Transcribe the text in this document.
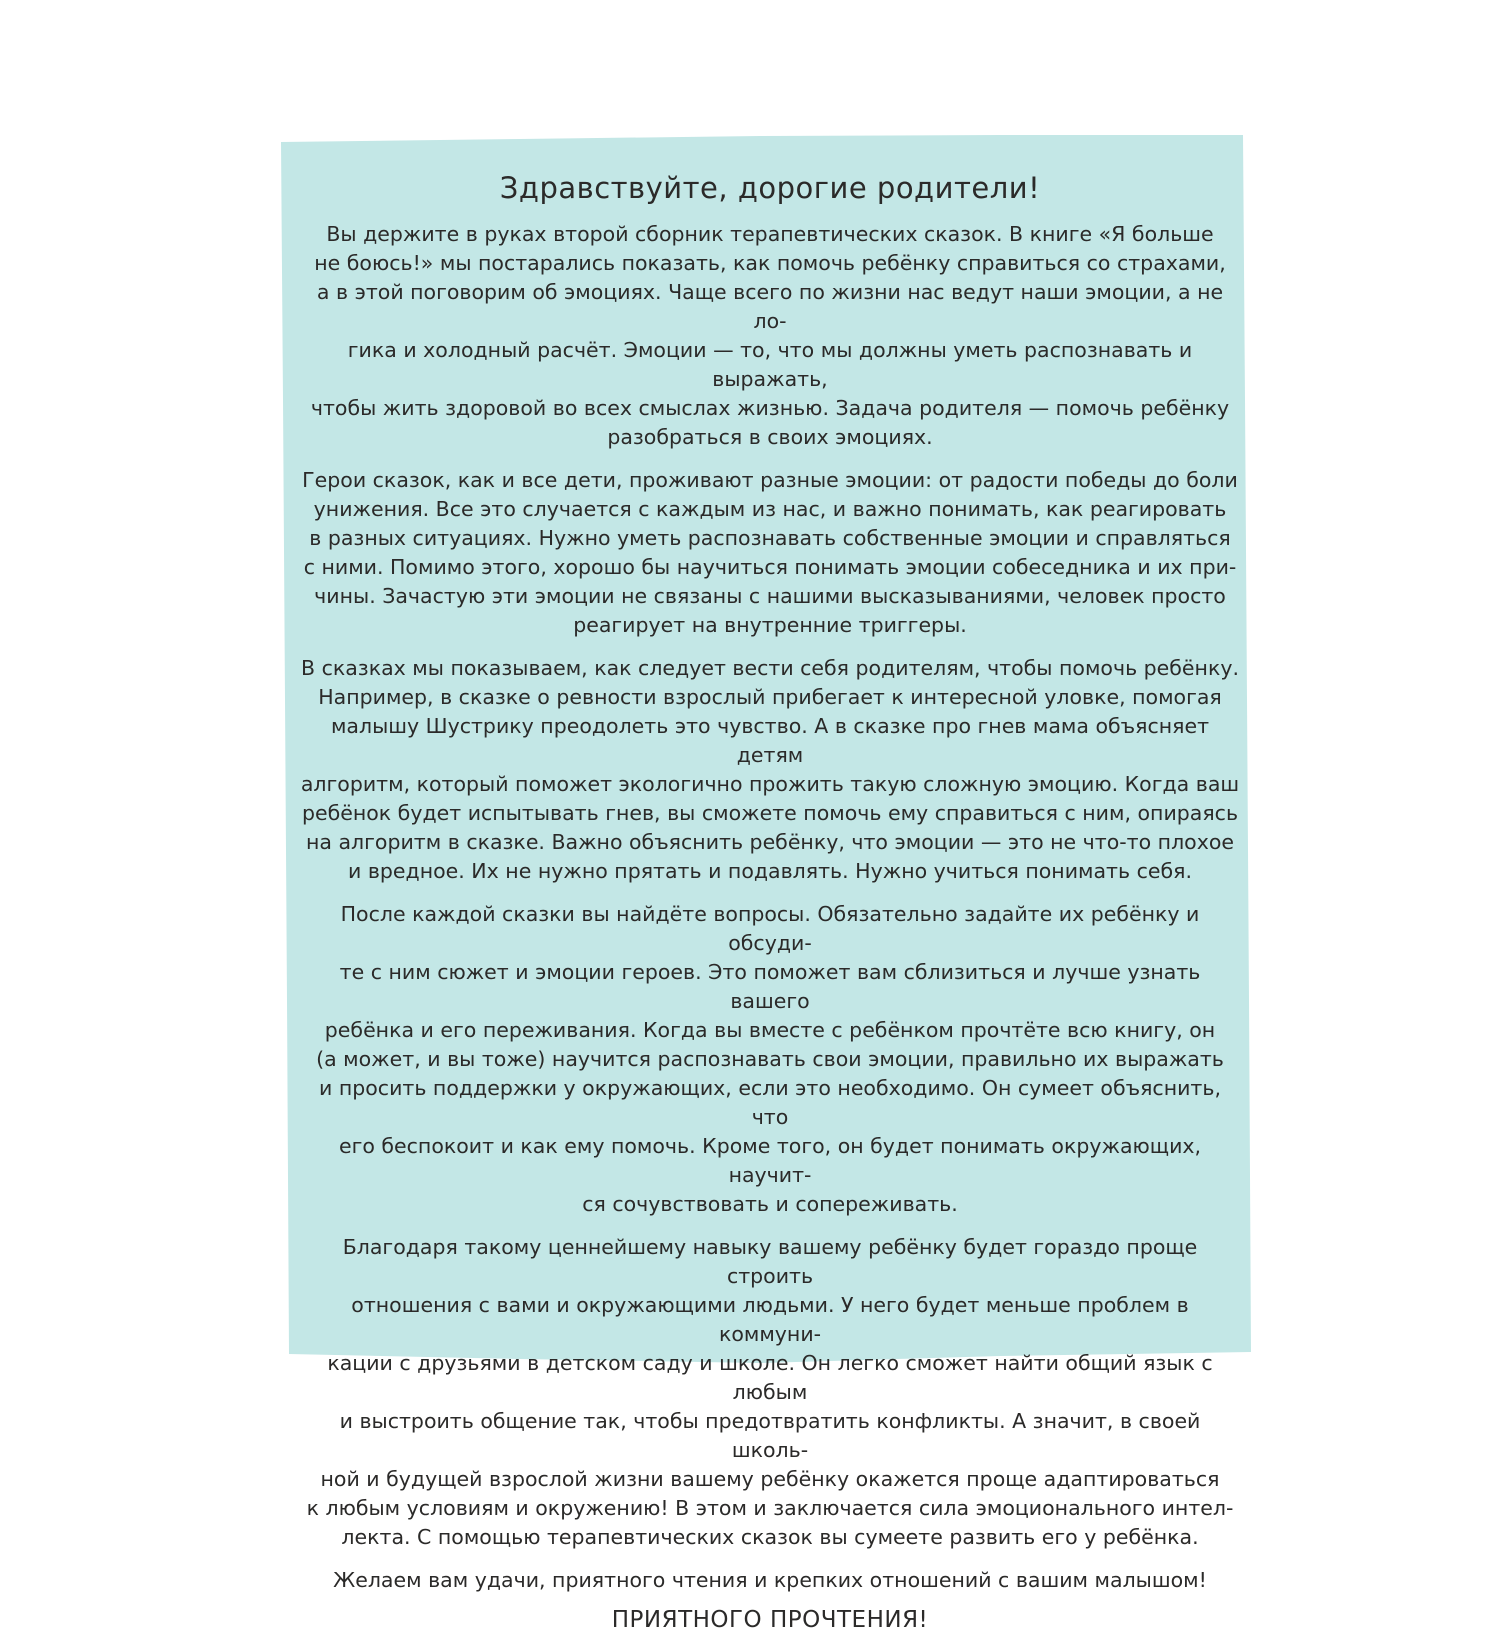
Здравствуйте, дорогие родители!
Вы держите в руках второй сборник терапевтических сказок. В книге «Я больше
не боюсь!» мы постарались показать, как помочь ребёнку справиться со страхами,
а в этой поговорим об эмоциях. Чаще всего по жизни нас ведут наши эмоции, а не ло-
гика и холодный расчёт. Эмоции — то, что мы должны уметь распознавать и выражать,
чтобы жить здоровой во всех смыслах жизнью. Задача родителя — помочь ребёнку
разобраться в своих эмоциях.
Герои сказок, как и все дети, проживают разные эмоции: от радости победы до боли
унижения. Все это случается с каждым из нас, и важно понимать, как реагировать
в разных ситуациях. Нужно уметь распознавать собственные эмоции и справляться
с ними. Помимо этого, хорошо бы научиться понимать эмоции собеседника и их при-
чины. Зачастую эти эмоции не связаны с нашими высказываниями, человек просто
реагирует на внутренние триггеры.
В сказках мы показываем, как следует вести себя родителям, чтобы помочь ребёнку.
Например, в сказке о ревности взрослый прибегает к интересной уловке, помогая
малышу Шустрику преодолеть это чувство. А в сказке про гнев мама объясняет детям
алгоритм, который поможет экологично прожить такую сложную эмоцию. Когда ваш
ребёнок будет испытывать гнев, вы сможете помочь ему справиться с ним, опираясь
на алгоритм в сказке. Важно объяснить ребёнку, что эмоции — это не что-то плохое
и вредное. Их не нужно прятать и подавлять. Нужно учиться понимать себя.
После каждой сказки вы найдёте вопросы. Обязательно задайте их ребёнку и обсуди-
те с ним сюжет и эмоции героев. Это поможет вам сблизиться и лучше узнать вашего
ребёнка и его переживания. Когда вы вместе с ребёнком прочтёте всю книгу, он
(а может, и вы тоже) научится распознавать свои эмоции, правильно их выражать
и просить поддержки у окружающих, если это необходимо. Он сумеет объяснить, что
его беспокоит и как ему помочь. Кроме того, он будет понимать окружающих, научит-
ся сочувствовать и сопереживать.
Благодаря такому ценнейшему навыку вашему ребёнку будет гораздо проще строить
отношения с вами и окружающими людьми. У него будет меньше проблем в коммуни-
кации с друзьями в детском саду и школе. Он легко сможет найти общий язык с любым
и выстроить общение так, чтобы предотвратить конфликты. А значит, в своей школь-
ной и будущей взрослой жизни вашему ребёнку окажется проще адаптироваться
к любым условиям и окружению! В этом и заключается сила эмоционального интел-
лекта. С помощью терапевтических сказок вы сумеете развить его у ребёнка.
Желаем вам удачи, приятного чтения и крепких отношений с вашим малышом!
ПРИЯТНОГО ПРОЧТЕНИЯ!
